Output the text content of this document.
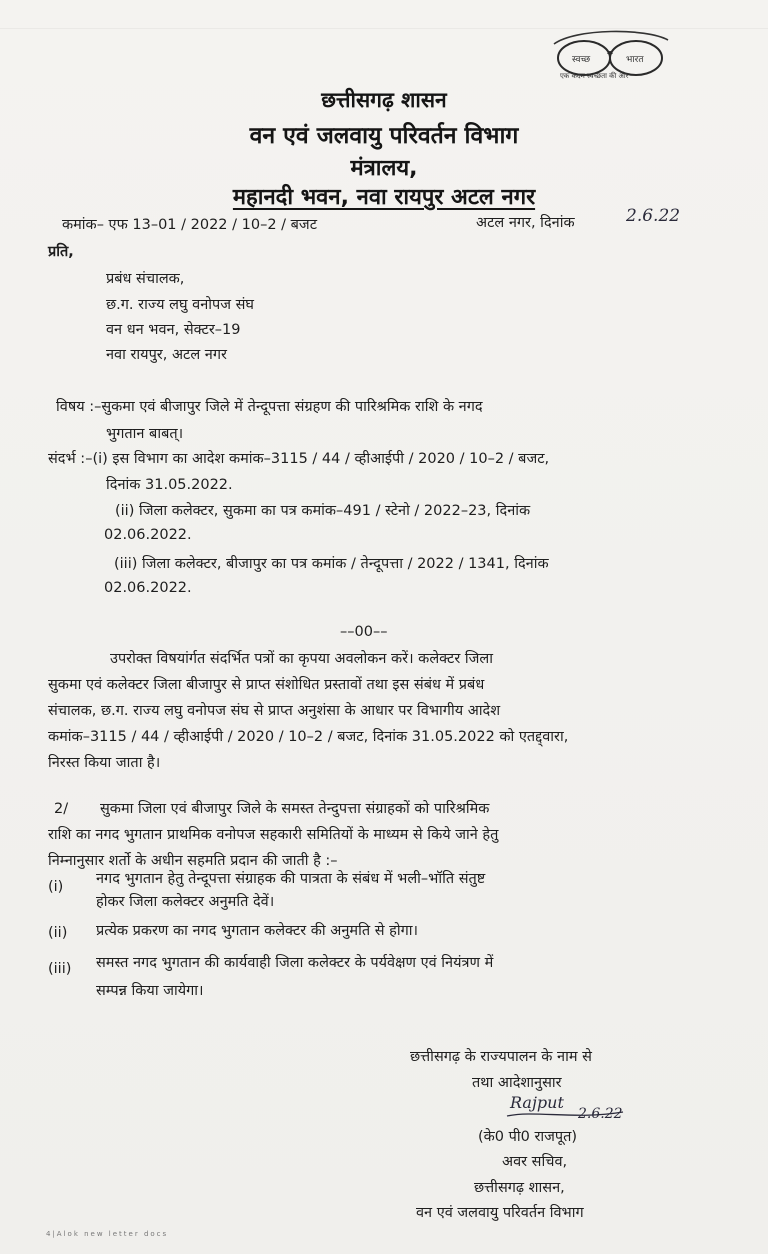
स्वच्छ	भारत
एक कदम स्वच्छता की ओर
छत्तीसगढ़ शासन
वन एवं जलवायु परिवर्तन विभाग
मंत्रालय,
महानदी भवन, नवा रायपुर अटल नगर
कमांक– एफ 13–01 / 2022 / 10–2 / बजट	अटल नगर, दिनांक	2.6.22
प्रति,
प्रबंध संचालक,
छ.ग. राज्य लघु वनोपज संघ
वन धन भवन, सेक्टर–19
नवा रायपुर, अटल नगर
विषय :–सुकमा एवं बीजापुर जिले में तेन्दूपत्ता संग्रहण की पारिश्रमिक राशि के नगद
भुगतान बाबत्।
संदर्भ :–(i) इस विभाग का आदेश कमांक–3115 / 44 / व्हीआईपी / 2020 / 10–2 / बजट,
दिनांक 31.05.2022.
(ii) जिला कलेक्टर, सुकमा का पत्र कमांक–491 / स्टेनो / 2022–23, दिनांक
02.06.2022.
(iii) जिला कलेक्टर, बीजापुर का पत्र कमांक / तेन्दूपत्ता / 2022 / 1341, दिनांक
02.06.2022.
––00––
उपरोक्त विषयांर्गत संदर्भित पत्रों का कृपया अवलोकन करें। कलेक्टर जिला
सुकमा एवं कलेक्टर जिला बीजापुर से प्राप्त संशोधित प्रस्तावों तथा इस संबंध में प्रबंध
संचालक, छ.ग. राज्य लघु वनोपज संघ से प्राप्त अनुशंसा के आधार पर विभागीय आदेश
कमांक–3115 / 44 / व्हीआईपी / 2020 / 10–2 / बजट, दिनांक 31.05.2022 को एतद्द्वारा,
निरस्त किया जाता है।
2/ सुकमा जिला एवं बीजापुर जिले के समस्त तेन्दुपत्ता संग्राहकों को पारिश्रमिक
राशि का नगद भुगतान प्राथमिक वनोपज सहकारी समितियों के माध्यम से किये जाने हेतु
निम्नानुसार शर्तो के अधीन सहमति प्रदान की जाती है :–
(i) नगद भुगतान हेतु तेन्दूपत्ता संग्राहक की पात्रता के संबंध में भली–भॉति संतुष्ट
होकर जिला कलेक्टर अनुमति देवें।
(ii) प्रत्येक प्रकरण का नगद भुगतान कलेक्टर की अनुमति से होगा।
(iii) समस्त नगद भुगतान की कार्यवाही जिला कलेक्टर के पर्यवेक्षण एवं नियंत्रण में
सम्पन्न किया जायेगा।
छत्तीसगढ़ के राज्यपालन के नाम से
तथा आदेशानुसार
Rajput
2.6.22
(के0 पी0 राजपूत)
अवर सचिव,
छत्तीसगढ़ शासन,
वन एवं जलवायु परिवर्तन विभाग
4|Alok new letter docs
